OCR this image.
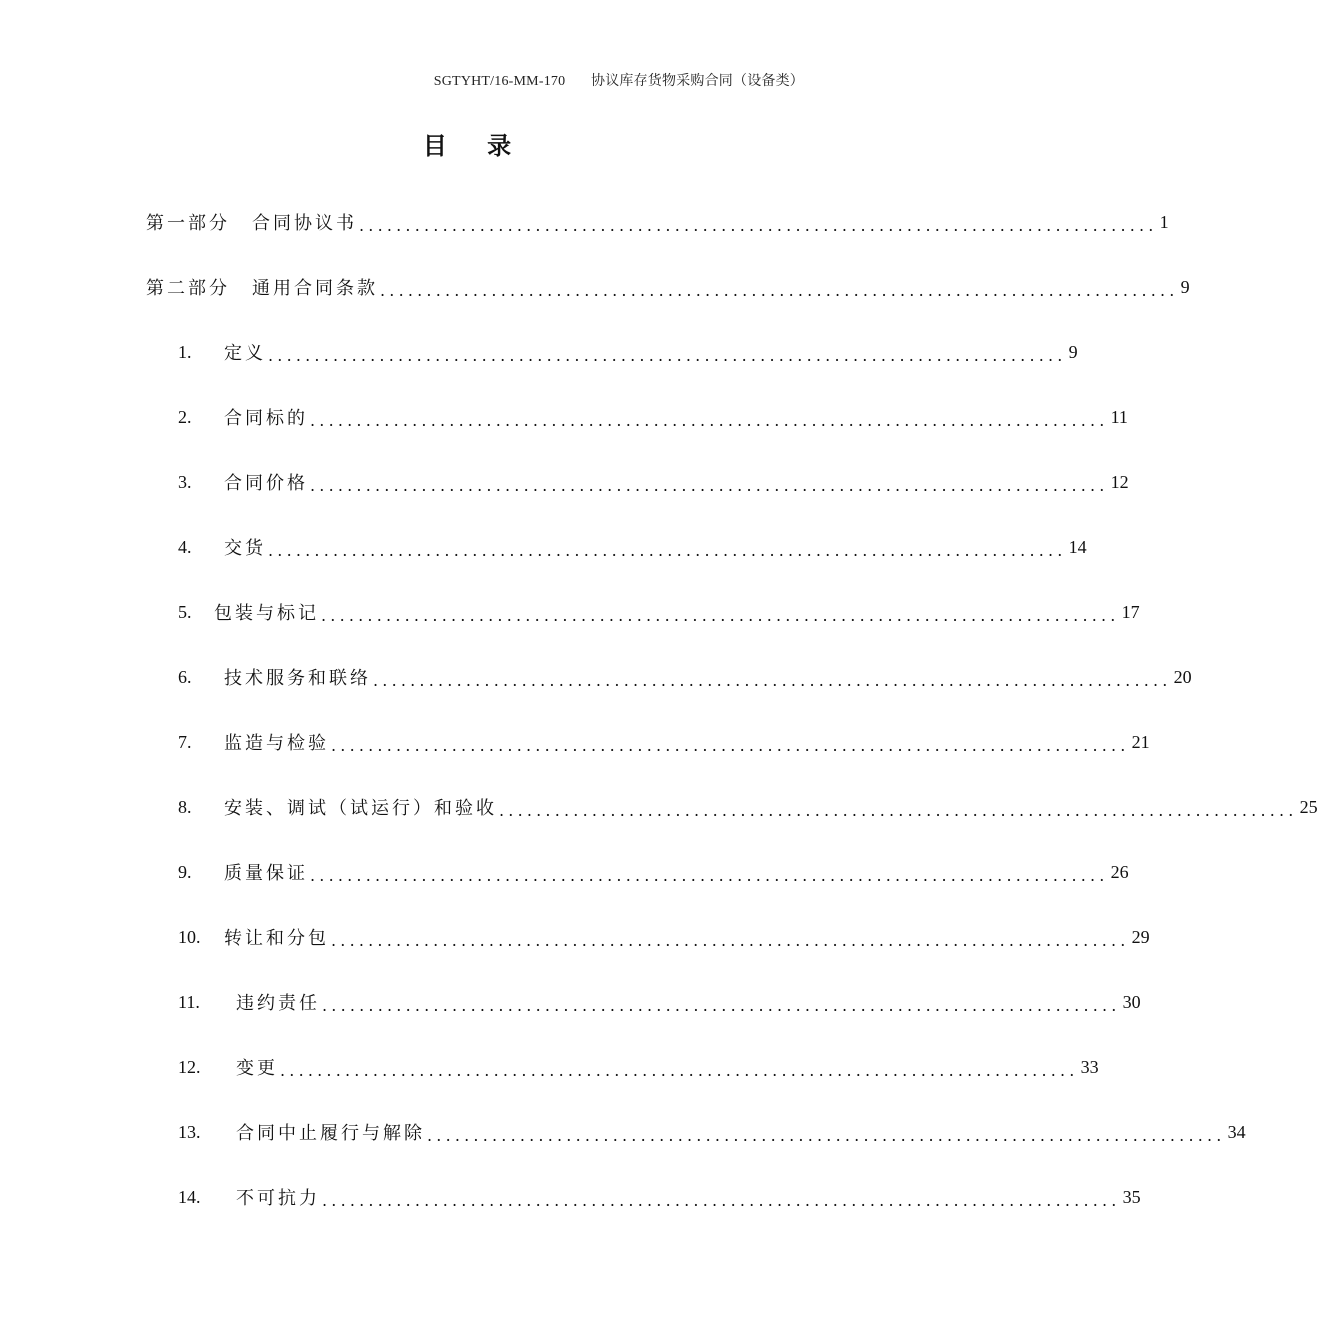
SGTYHT/16-MM-170 协议库存货物采购合同（设备类）
目 录
第一部分 合同协议书 ...................................................................................... 1
第二部分 通用合同条款 ...................................................................................... 9
1.	定义 ...................................................................................... 9
2.	合同标的 ...................................................................................... 11
3.	合同价格 ...................................................................................... 12
4.	交货 ...................................................................................... 14
5.	包装与标记 ...................................................................................... 17
6.	技术服务和联络 ...................................................................................... 20
7.	监造与检验 ...................................................................................... 21
8.	安装、调试（试运行）和验收 ...................................................................................... 25
9.	质量保证 ...................................................................................... 26
10.	转让和分包 ...................................................................................... 29
11.	违约责任 ...................................................................................... 30
12.	变更 ...................................................................................... 33
13.	合同中止履行与解除 ...................................................................................... 34
14.	不可抗力 ...................................................................................... 35
